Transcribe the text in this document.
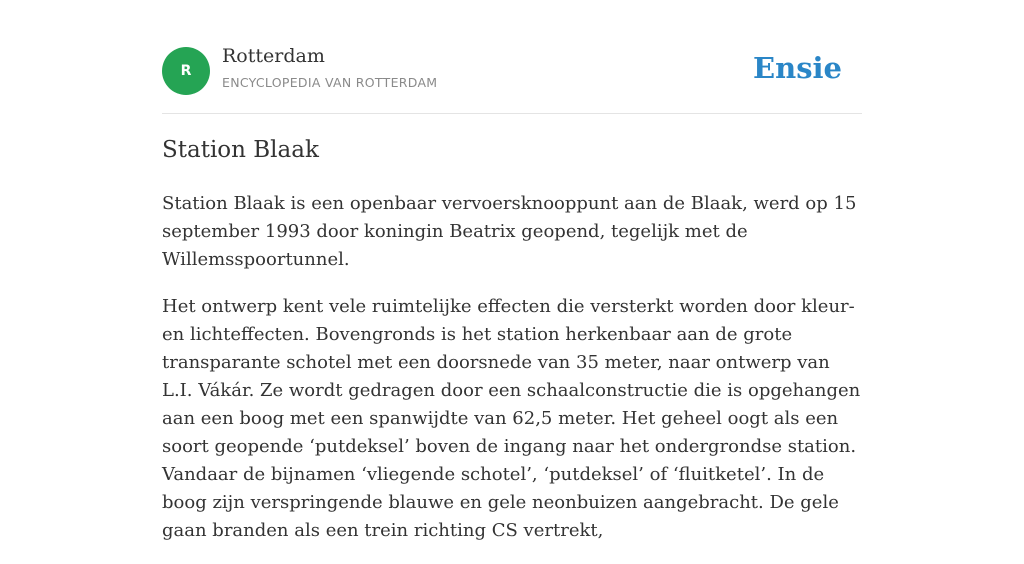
R
Rotterdam
ENCYCLOPEDIA VAN ROTTERDAM	Ensie
Station Blaak

Station Blaak is een openbaar vervoersknooppunt aan de Blaak, werd op 15 september 1993 door koningin Beatrix geopend, tegelijk met de Willemsspoortunnel.

Het ontwerp kent vele ruimtelijke effecten die versterkt worden door kleur- en lichteffecten. Bovengronds is het station herkenbaar aan de grote transparante schotel met een doorsnede van 35 meter, naar ontwerp van L.I. Vákár. Ze wordt gedragen door een schaalconstructie die is opgehangen aan een boog met een spanwijdte van 62,5 meter. Het geheel oogt als een soort geopende ‘putdeksel’ boven de ingang naar het ondergrondse station. Vandaar de bijnamen ‘vliegende schotel’, ‘putdeksel’ of ‘fluitketel’. In de boog zijn verspringende blauwe en gele neonbuizen aangebracht. De gele gaan branden als een trein richting CS vertrekt,
